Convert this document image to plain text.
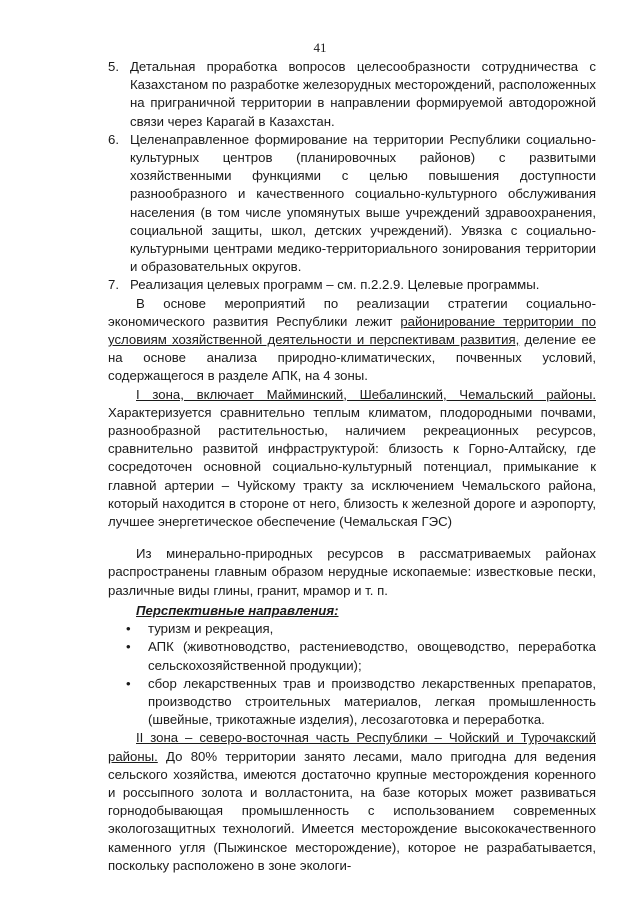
41
5. Детальная проработка вопросов целесообразности сотрудничества с Казахстаном по разработке железорудных месторождений, расположенных на приграничной территории в направлении формируемой автодорожной связи через Карагай в Казахстан.
6. Целенаправленное формирование на территории Республики социально-культурных центров (планировочных районов) с развитыми хозяйственными функциями с целью повышения доступности разнообразного и качественного социально-культурного обслуживания населения (в том числе упомянутых выше учреждений здравоохранения, социальной защиты, школ, детских учреждений). Увязка с социально-культурными центрами медико-территориального зонирования территории и образовательных округов.
7. Реализация целевых программ – см. п.2.2.9. Целевые программы.

В основе мероприятий по реализации стратегии социально-экономического развития Республики лежит районирование территории по условиям хозяйственной деятельности и перспективам развития, деление ее на основе анализа природно-климатических, почвенных условий, содержащегося в разделе АПК, на 4 зоны.

I зона, включает Майминский, Шебалинский, Чемальский районы. Характеризуется сравнительно теплым климатом, плодородными почвами, разнообразной растительностью, наличием рекреационных ресурсов, сравнительно развитой инфраструктурой: близость к Горно-Алтайску, где сосредоточен основной социально-культурный потенциал, примыкание к главной артерии – Чуйскому тракту за исключением Чемальского района, который находится в стороне от него, близость к железной дороге и аэропорту, лучшее энергетическое обеспечение (Чемальская ГЭС)

Из минерально-природных ресурсов в рассматриваемых районах распространены главным образом нерудные ископаемые: известковые пески, различные виды глины, гранит, мрамор и т. п.

Перспективные направления:
•	туризм и рекреация,
•	АПК (животноводство, растениеводство, овощеводство, переработка сельскохозяйственной продукции);
•	сбор лекарственных трав и производство лекарственных препаратов, производство строительных материалов, легкая промышленность (швейные, трикотажные изделия), лесозаготовка и переработка.

II зона – северо-восточная часть Республики – Чойский и Турочакский районы. До 80% территории занято лесами, мало пригодна для ведения сельского хозяйства, имеются достаточно крупные месторождения коренного и россыпного золота и волластонита, на базе которых может развиваться горнодобывающая промышленность с использованием современных экологозащитных технологий. Имеется месторождение высококачественного каменного угля (Пыжинское месторождение), которое не разрабатывается, поскольку расположено в зоне экологи-
